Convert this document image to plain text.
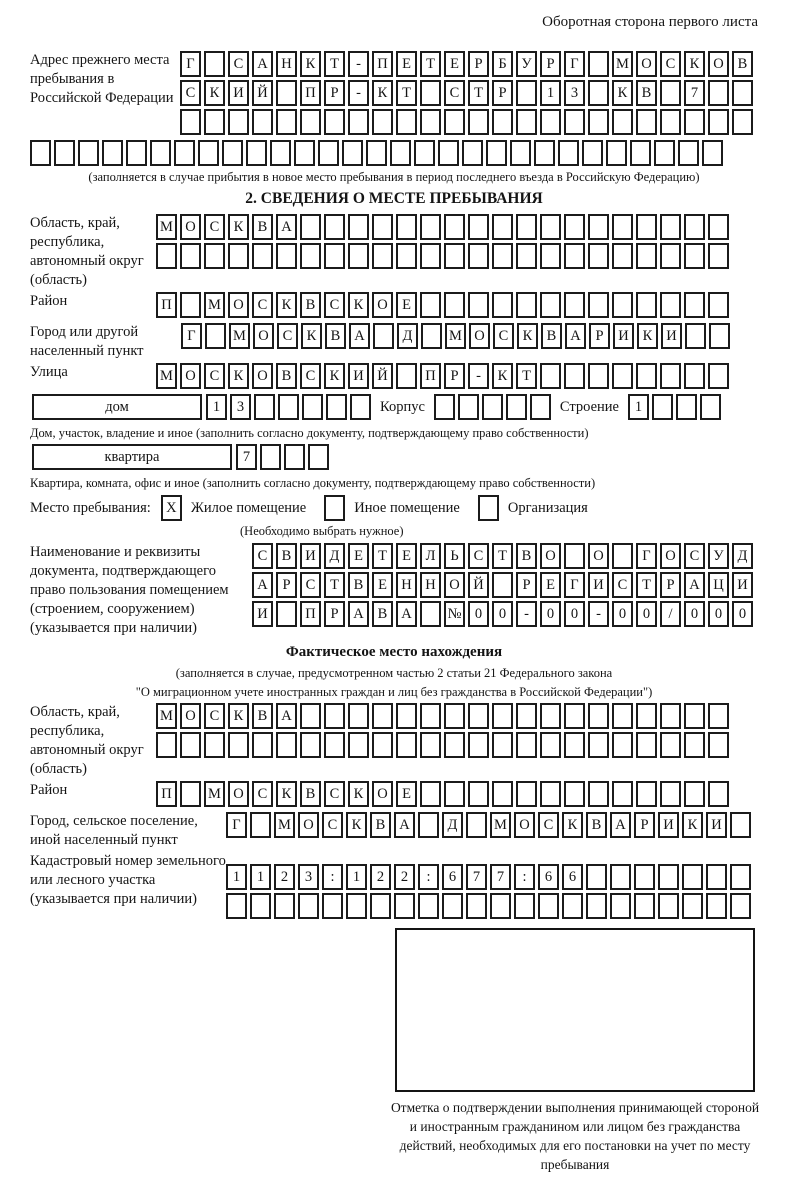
Оборотная сторона первого листа
Адрес прежнего места пребывания в Российской Федерации
Г	С А Н К	Т	-	П Е	Т	Е	Р	Б	У	Р	Г	М О С К О В
С К И Й	П	Р	-	К	Т	С	Т	Р	1	3	К В	7
(заполняется в случае прибытия в новое место пребывания в период последнего въезда в Российскую Федерацию)
2. СВЕДЕНИЯ О МЕСТЕ ПРЕБЫВАНИЯ
Область, край, республика, автономный округ (область)
М О С К В А
Район	П	М О С К В С К О Е
Город или другой населенный пункт
Г	М О С К В А	Д	М О С К В А	Р	И К И
Улица	М О С К О В С К И Й	П	Р	-	К	Т
дом	1	3	Корпус	Строение	1
Дом, участок, владение и иное (заполнить согласно документу, подтверждающему право собственности)
квартира	7
Квартира, комната, офис и иное (заполнить согласно документу, подтверждающему право собственности)
Место пребывания:	X Жилое помещение	Иное помещение	Организация
(Необходимо выбрать нужное)
Наименование и реквизиты документа, подтверждающего право пользования помещением (строением, сооружением) (указывается при наличии)
С В И Д	Е	Т	Е	Л	Ь	С	Т	В О	О	Г	О С У Д
А	Р	С	Т	В	Е Н Н О Й	Р	Е	Г	И С	Т	Р	А Ц И
И	П	Р	А В А	№ 0	0	-	0	0	-	0	0	/	0	0	0
Фактическое место нахождения
(заполняется в случае, предусмотренном частью 2 статьи 21 Федерального закона
"О миграционном учете иностранных граждан и лиц без гражданства в Российской Федерации")
Область, край, республика, автономный округ (область)
М О С К В А
Район	П	М О С К В С К О Е
Город, сельское поселение, иной населенный пункт
Г	М О С К В А	Д	М О С К В А	Р	И К И
Кадастровый номер земельного или лесного участка (указывается при наличии)
1	1	2	3	:	1	2	2	:	6	7	7	:	6	6
Отметка о подтверждении выполнения принимающей стороной и иностранным гражданином или лицом без гражданства действий, необходимых для его постановки на учет по месту пребывания
